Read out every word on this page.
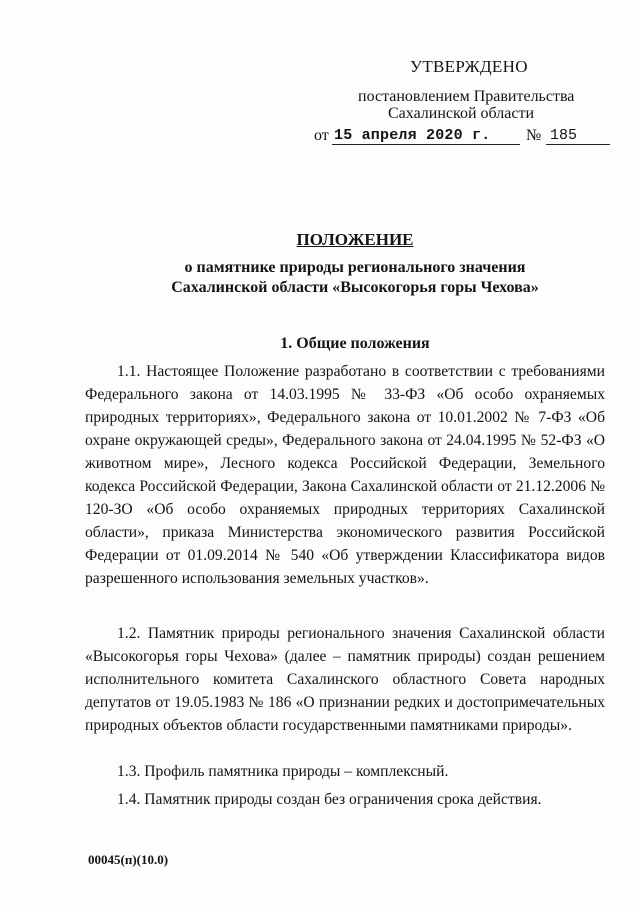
УТВЕРЖДЕНО
постановлением Правительства
Сахалинской области
от 15 апреля 2020 г.	№ 185
ПОЛОЖЕНИЕ
о памятнике природы регионального значения
Сахалинской области «Высокогорья горы Чехова»
1. Общие положения
1.1. Настоящее Положение разработано в соответствии с требованиями Федерального закона от 14.03.1995 № 33-ФЗ «Об особо охраняемых природных территориях», Федерального закона от 10.01.2002 № 7-ФЗ «Об охране окружающей среды», Федерального закона от 24.04.1995 № 52-ФЗ «О животном мире», Лесного кодекса Российской Федерации, Земельного кодекса Российской Федерации, Закона Сахалинской области от 21.12.2006 № 120-ЗО «Об особо охраняемых природных территориях Сахалинской области», приказа Министерства экономического развития Российской Федерации от 01.09.2014 № 540 «Об утверждении Классификатора видов разрешенного использования земельных участков».
1.2. Памятник природы регионального значения Сахалинской области «Высокогорья горы Чехова» (далее – памятник природы) создан решением исполнительного комитета Сахалинского областного Совета народных депутатов от 19.05.1983 № 186 «О признании редких и достопримечательных природных объектов области государственными памятниками природы».
1.3. Профиль памятника природы – комплексный.
1.4. Памятник природы создан без ограничения срока действия.
00045(п)(10.0)
